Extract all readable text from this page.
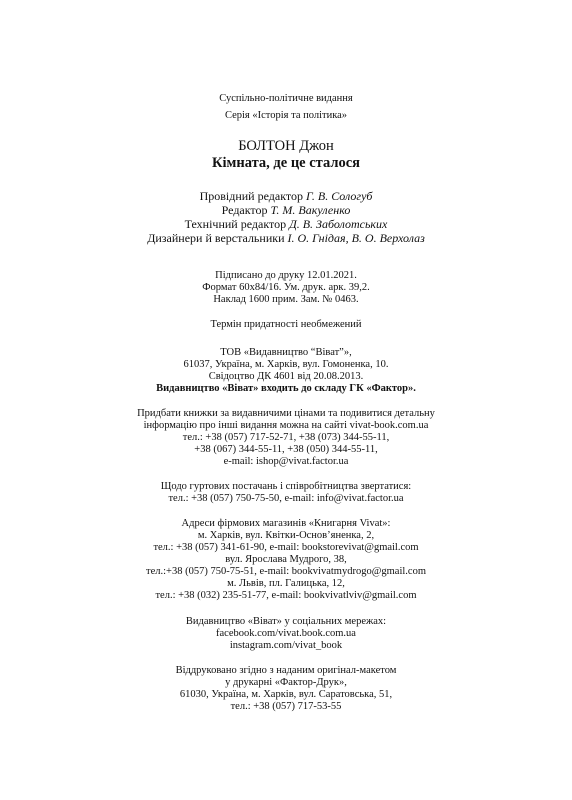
Суспільно-політичне видання
Серія «Історія та політика»
БОЛТОН Джон
Кімната, де це сталося
Провідний редактор Г. В. Сологуб
Редактор Т. М. Вакуленко
Технічний редактор Д. В. Заболотських
Дизайнери й верстальники І. О. Гнідая, В. О. Верхолаз
Підписано до друку 12.01.2021.
Формат 60х84/16. Ум. друк. арк. 39,2.
Наклад 1600 прим. Зам. № 0463.
Термін придатності необмежений
ТОВ «Видавництво “Віват”»,
61037, Україна, м. Харків, вул. Гомоненка, 10.
Свідоцтво ДК 4601 від 20.08.2013.
Видавництво «Віват» входить до складу ГК «Фактор».
Придбати книжки за видавничими цінами та подивитися детальну
інформацію про інші видання можна на сайті vivat-book.com.ua
тел.: +38 (057) 717-52-71, +38 (073) 344-55-11,
+38 (067) 344-55-11, +38 (050) 344-55-11,
e-mail: ishop@vivat.factor.ua
Щодо гуртових постачань і співробітництва звертатися:
тел.: +38 (057) 750-75-50, e-mail: info@vivat.factor.ua
Адреси фірмових магазинів «Книгарня Vivat»:
м. Харків, вул. Квітки-Основ’яненка, 2,
тел.: +38 (057) 341-61-90, e-mail: bookstorevivat@gmail.com
вул. Ярослава Мудрого, 38,
тел.:+38 (057) 750-75-51, e-mail: bookvivatmydrogo@gmail.com
м. Львів, пл. Галицька, 12,
тел.: +38 (032) 235-51-77, e-mail: bookvivatlviv@gmail.com
Видавництво «Віват» у соціальних мережах:
facebook.com/vivat.book.com.ua
instagram.com/vivat_book
Віддруковано згідно з наданим оригінал-макетом
у друкарні «Фактор-Друк»,
61030, Україна, м. Харків, вул. Саратовська, 51,
тел.: +38 (057) 717-53-55
